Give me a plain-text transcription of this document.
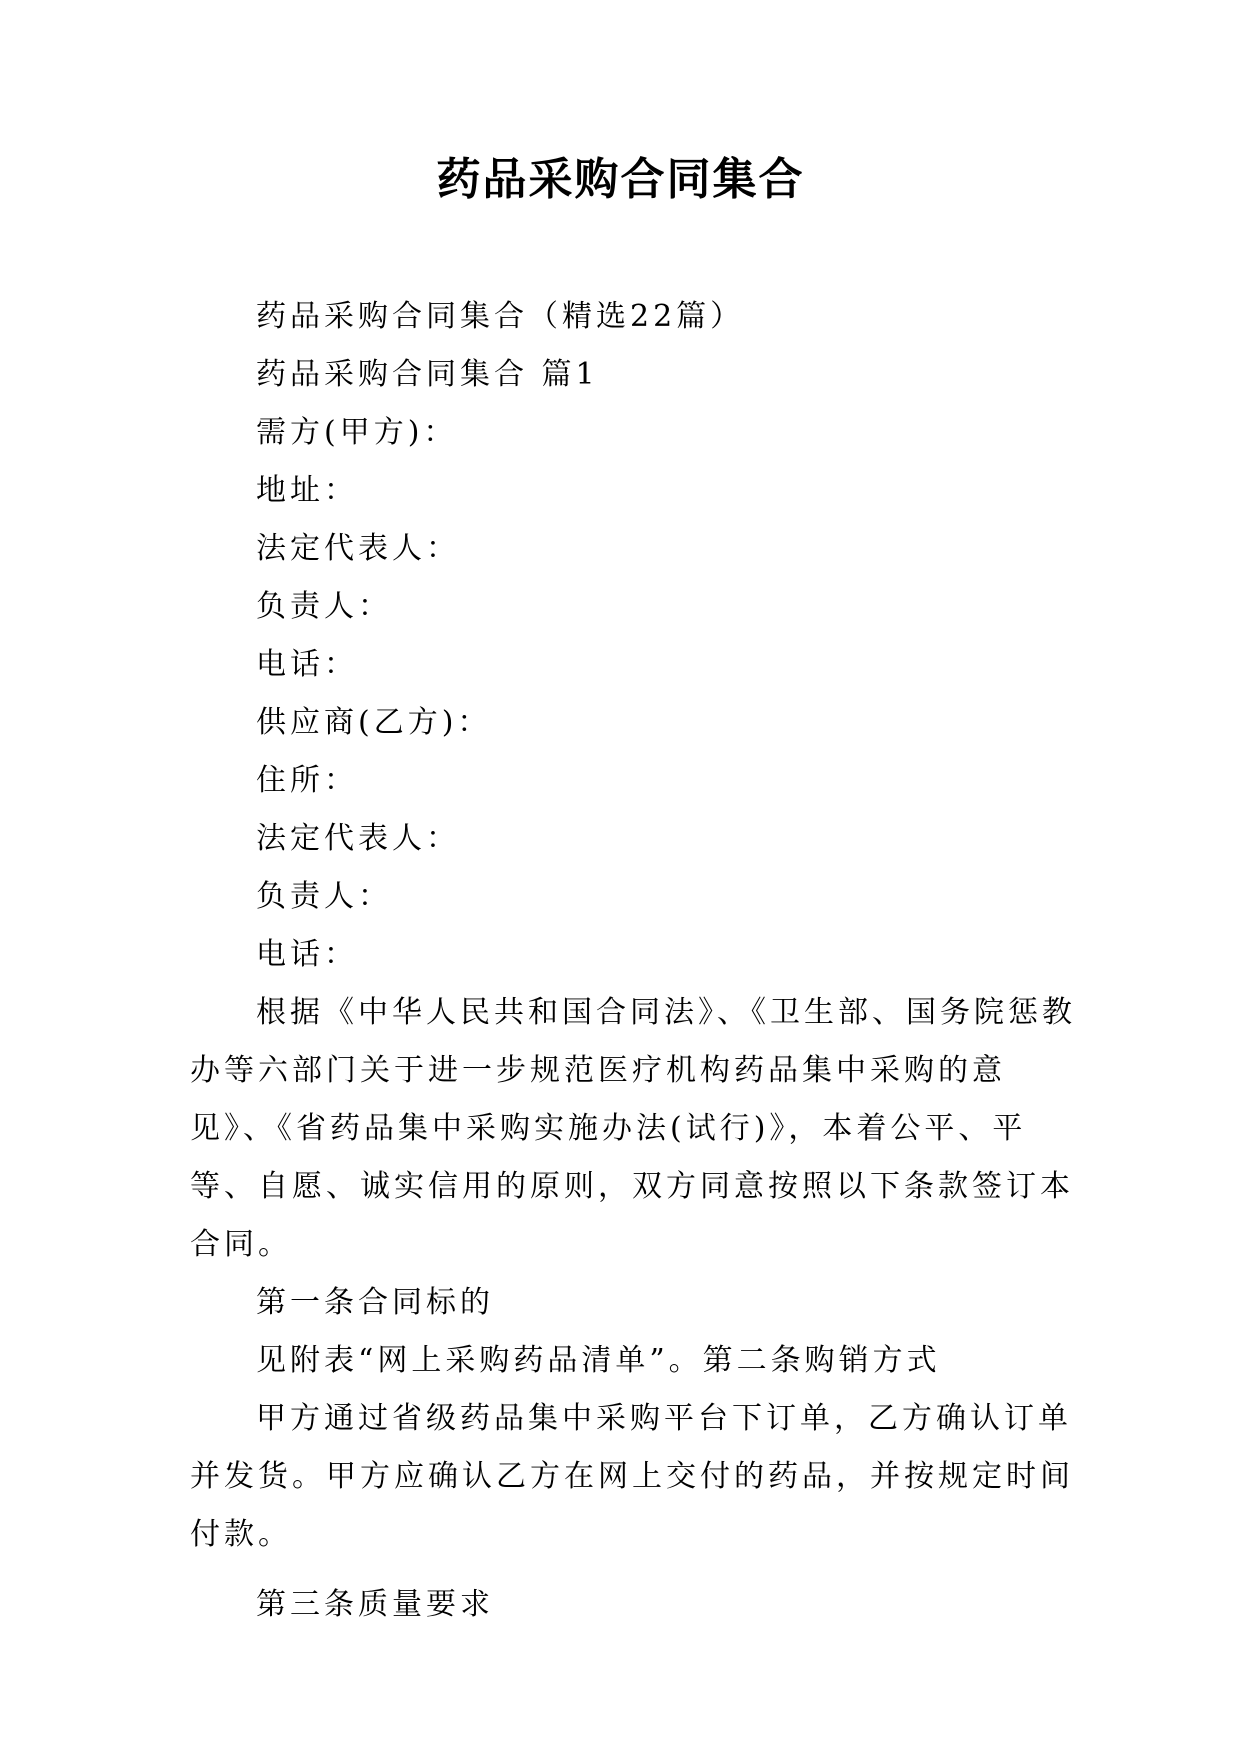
药品采购合同集合

药品采购合同集合（精选22篇）

药品采购合同集合 篇1

需方(甲方)：

地址：

法定代表人：

负责人：

电话：

供应商(乙方)：

住所：

法定代表人：

负责人：

电话：

根据《中华人民共和国合同法》、《卫生部、国务院惩教办等六部门关于进一步规范医疗机构药品集中采购的意见》、《省药品集中采购实施办法(试行)》，本着公平、平等、自愿、诚实信用的原则，双方同意按照以下条款签订本合同。

第一条合同标的

见附表“网上采购药品清单”。第二条购销方式

甲方通过省级药品集中采购平台下订单，乙方确认订单并发货。甲方应确认乙方在网上交付的药品，并按规定时间付款。

第三条质量要求
